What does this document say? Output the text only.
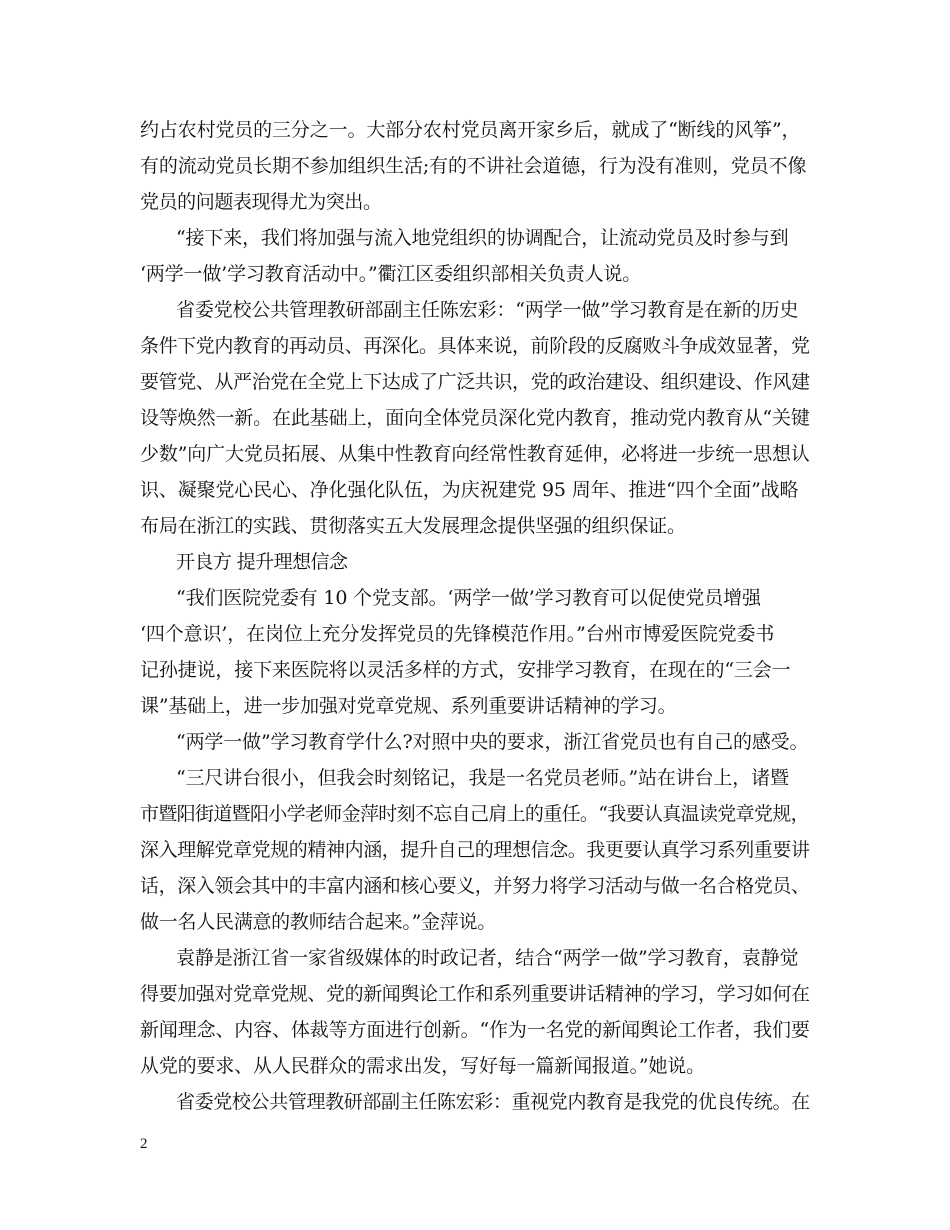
约占农村党员的三分之一。大部分农村党员离开家乡后，就成了“断线的风筝”，
有的流动党员长期不参加组织生活;有的不讲社会道德，行为没有准则，党员不像
党员的问题表现得尤为突出。
“接下来，我们将加强与流入地党组织的协调配合，让流动党员及时参与到
‘两学一做’学习教育活动中。”衢江区委组织部相关负责人说。
省委党校公共管理教研部副主任陈宏彩：“两学一做”学习教育是在新的历史
条件下党内教育的再动员、再深化。具体来说，前阶段的反腐败斗争成效显著，党
要管党、从严治党在全党上下达成了广泛共识，党的政治建设、组织建设、作风建
设等焕然一新。在此基础上，面向全体党员深化党内教育，推动党内教育从“关键
少数”向广大党员拓展、从集中性教育向经常性教育延伸，必将进一步统一思想认
识、凝聚党心民心、净化强化队伍，为庆祝建党 95 周年、推进“四个全面”战略
布局在浙江的实践、贯彻落实五大发展理念提供坚强的组织保证。
开良方 提升理想信念
“我们医院党委有 10 个党支部。‘两学一做’学习教育可以促使党员增强
‘四个意识’，在岗位上充分发挥党员的先锋模范作用。”台州市博爱医院党委书
记孙捷说，接下来医院将以灵活多样的方式，安排学习教育，在现在的“三会一
课”基础上，进一步加强对党章党规、系列重要讲话精神的学习。
“两学一做”学习教育学什么?对照中央的要求，浙江省党员也有自己的感受。
“三尺讲台很小，但我会时刻铭记，我是一名党员老师。”站在讲台上，诸暨
市暨阳街道暨阳小学老师金萍时刻不忘自己肩上的重任。“我要认真温读党章党规，
深入理解党章党规的精神内涵，提升自己的理想信念。我更要认真学习系列重要讲
话，深入领会其中的丰富内涵和核心要义，并努力将学习活动与做一名合格党员、
做一名人民满意的教师结合起来。”金萍说。
袁静是浙江省一家省级媒体的时政记者，结合“两学一做”学习教育，袁静觉
得要加强对党章党规、党的新闻舆论工作和系列重要讲话精神的学习，学习如何在
新闻理念、内容、体裁等方面进行创新。“作为一名党的新闻舆论工作者，我们要
从党的要求、从人民群众的需求出发，写好每一篇新闻报道。”她说。
省委党校公共管理教研部副主任陈宏彩：重视党内教育是我党的优良传统。在
2
